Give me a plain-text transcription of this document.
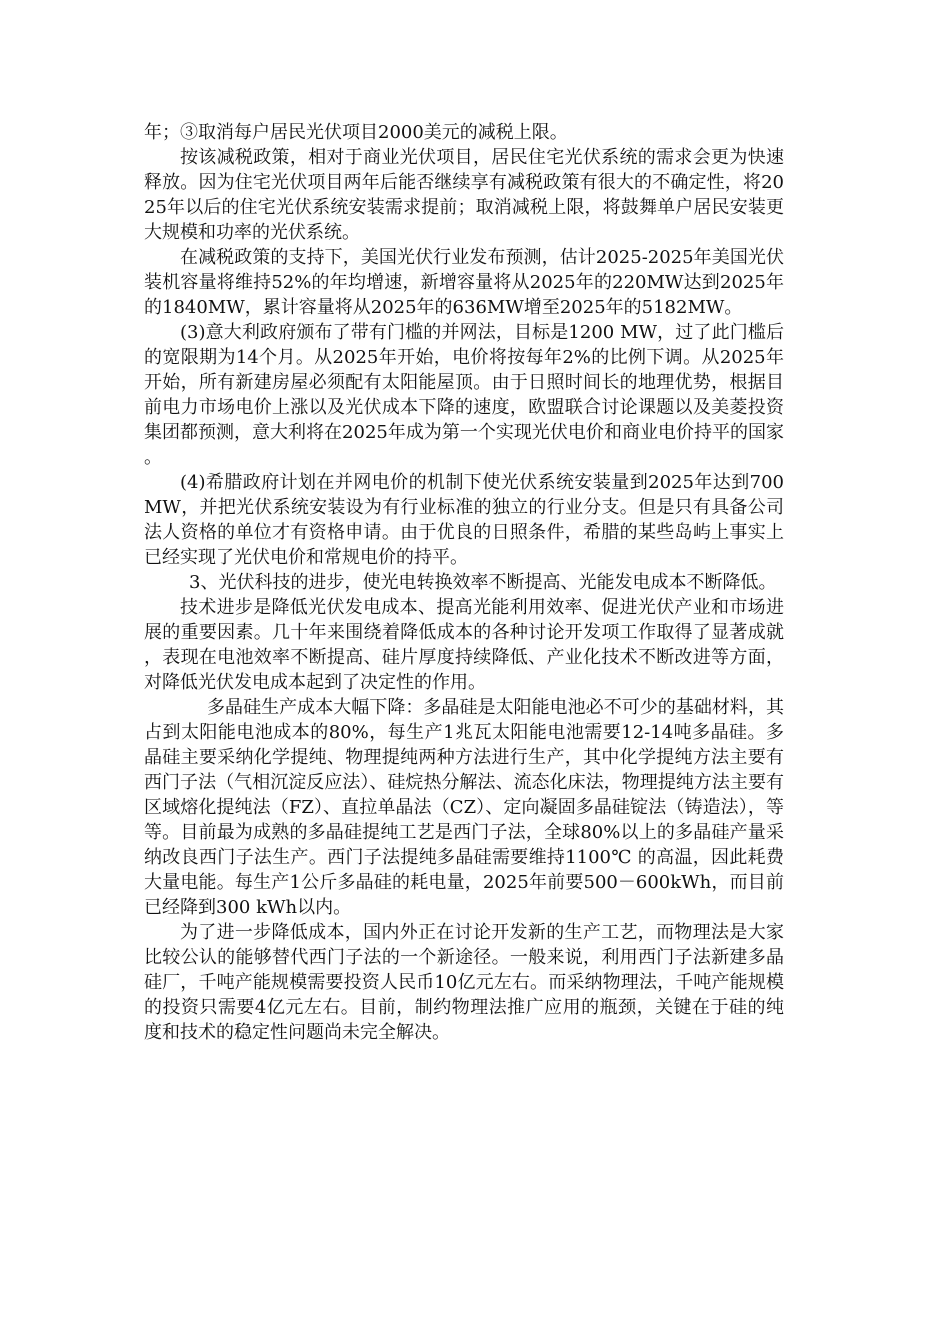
年；③取消每户居民光伏项目2000美元的减税上限。

按该减税政策，相对于商业光伏项目，居民住宅光伏系统的需求会更为快速释放。因为住宅光伏项目两年后能否继续享有减税政策有很大的不确定性，将2025年以后的住宅光伏系统安装需求提前；取消减税上限，将鼓舞单户居民安装更大规模和功率的光伏系统。

在减税政策的支持下，美国光伏行业发布预测，估计2025-2025年美国光伏装机容量将维持52%的年均增速，新增容量将从2025年的220MW达到2025年的1840MW，累计容量将从2025年的636MW增至2025年的5182MW。

(3)意大利政府颁布了带有门槛的并网法，目标是1200 MW，过了此门槛后的宽限期为14个月。从2025年开始，电价将按每年2%的比例下调。从2025年开始，所有新建房屋必须配有太阳能屋顶。由于日照时间长的地理优势，根据目前电力市场电价上涨以及光伏成本下降的速度，欧盟联合讨论课题以及美菱投资集团都预测，意大利将在2025年成为第一个实现光伏电价和商业电价持平的国家。

(4)希腊政府计划在并网电价的机制下使光伏系统安装量到2025年达到700 MW，并把光伏系统安装设为有行业标准的独立的行业分支。但是只有具备公司法人资格的单位才有资格申请。由于优良的日照条件，希腊的某些岛屿上事实上已经实现了光伏电价和常规电价的持平。

3、光伏科技的进步，使光电转换效率不断提高、光能发电成本不断降低。

技术进步是降低光伏发电成本、提高光能利用效率、促进光伏产业和市场进展的重要因素。几十年来围绕着降低成本的各种讨论开发项工作取得了显著成就，表现在电池效率不断提高、硅片厚度持续降低、产业化技术不断改进等方面，对降低光伏发电成本起到了决定性的作用。

多晶硅生产成本大幅下降：多晶硅是太阳能电池必不可少的基础材料，其占到太阳能电池成本的80%，每生产1兆瓦太阳能电池需要12-14吨多晶硅。多晶硅主要采纳化学提纯、物理提纯两种方法进行生产，其中化学提纯方法主要有西门子法（气相沉淀反应法）、硅烷热分解法、流态化床法，物理提纯方法主要有区域熔化提纯法（FZ）、直拉单晶法（CZ）、定向凝固多晶硅锭法（铸造法），等等。目前最为成熟的多晶硅提纯工艺是西门子法，全球80%以上的多晶硅产量采纳改良西门子法生产。西门子法提纯多晶硅需要维持1100℃ 的高温，因此耗费大量电能。每生产1公斤多晶硅的耗电量，2025年前要500－600kWh，而目前已经降到300 kWh以内。

为了进一步降低成本，国内外正在讨论开发新的生产工艺，而物理法是大家比较公认的能够替代西门子法的一个新途径。一般来说，利用西门子法新建多晶硅厂，千吨产能规模需要投资人民币10亿元左右。而采纳物理法，千吨产能规模的投资只需要4亿元左右。目前，制约物理法推广应用的瓶颈，关键在于硅的纯度和技术的稳定性问题尚未完全解决。
